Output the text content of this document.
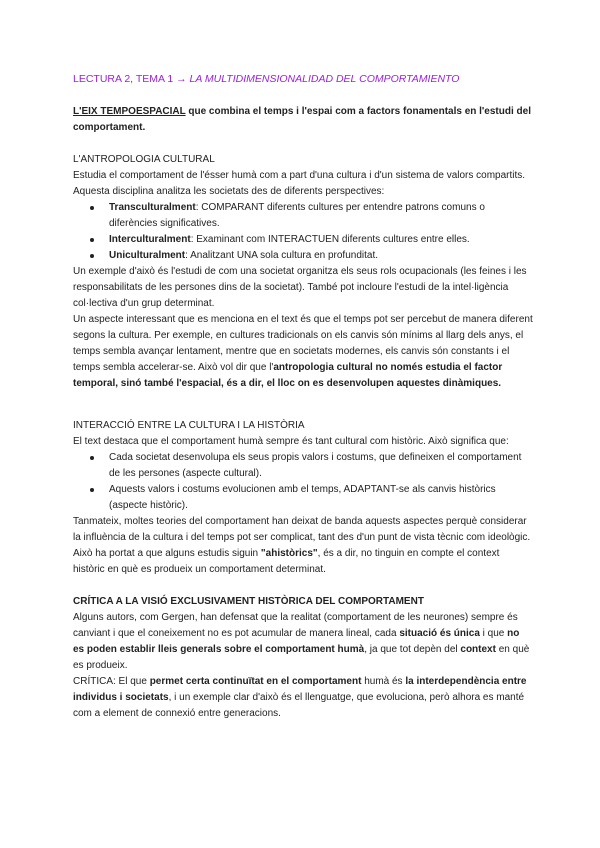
LECTURA 2, TEMA 1 → LA MULTIDIMENSIONALIDAD DEL COMPORTAMIENTO
L'EIX TEMPOESPACIAL que combina el temps i l'espai com a factors fonamentals en l'estudi del comportament.
L'ANTROPOLOGIA CULTURAL

Estudia el comportament de l'ésser humà com a part d'una cultura i d'un sistema de valors compartits. Aquesta disciplina analitza les societats des de diferents perspectives:

Transculturalment: COMPARANT diferents cultures per entendre patrons comuns o diferències significatives.
Interculturalment: Examinant com INTERACTUEN diferents cultures entre elles.
Uniculturalment: Analitzant UNA sola cultura en profunditat.

Un exemple d'això és l'estudi de com una societat organitza els seus rols ocupacionals (les feines i les responsabilitats de les persones dins de la societat). També pot incloure l'estudi de la intel·ligència col·lectiva d'un grup determinat.

Un aspecte interessant que es menciona en el text és que el temps pot ser percebut de manera diferent segons la cultura. Per exemple, en cultures tradicionals on els canvis són mínims al llarg dels anys, el temps sembla avançar lentament, mentre que en societats modernes, els canvis són constants i el temps sembla accelerar-se. Això vol dir que l'antropologia cultural no només estudia el factor temporal, sinó també l'espacial, és a dir, el lloc on es desenvolupen aquestes dinàmiques.

INTERACCIÓ ENTRE LA CULTURA I LA HISTÒRIA

El text destaca que el comportament humà sempre és tant cultural com històric. Això significa que:

Cada societat desenvolupa els seus propis valors i costums, que defineixen el comportament de les persones (aspecte cultural).
Aquests valors i costums evolucionen amb el temps, ADAPTANT-se als canvis històrics (aspecte històric).

Tanmateix, moltes teories del comportament han deixat de banda aquests aspectes perquè considerar la influència de la cultura i del temps pot ser complicat, tant des d'un punt de vista tècnic com ideològic. Això ha portat a que alguns estudis siguin "ahistòrics", és a dir, no tinguin en compte el context històric en què es produeix un comportament determinat.

CRÍTICA A LA VISIÓ EXCLUSIVAMENT HISTÒRICA DEL COMPORTAMENT

Alguns autors, com Gergen, han defensat que la realitat (comportament de les neurones) sempre és canviant i que el coneixement no es pot acumular de manera lineal, cada situació és única i que no es poden establir lleis generals sobre el comportament humà, ja que tot depèn del context en què es produeix.

CRÍTICA: El que permet certa continuïtat en el comportament humà és la interdependència entre individus i societats, i un exemple clar d'això és el llenguatge, que evoluciona, però alhora es manté com a element de connexió entre generacions.
